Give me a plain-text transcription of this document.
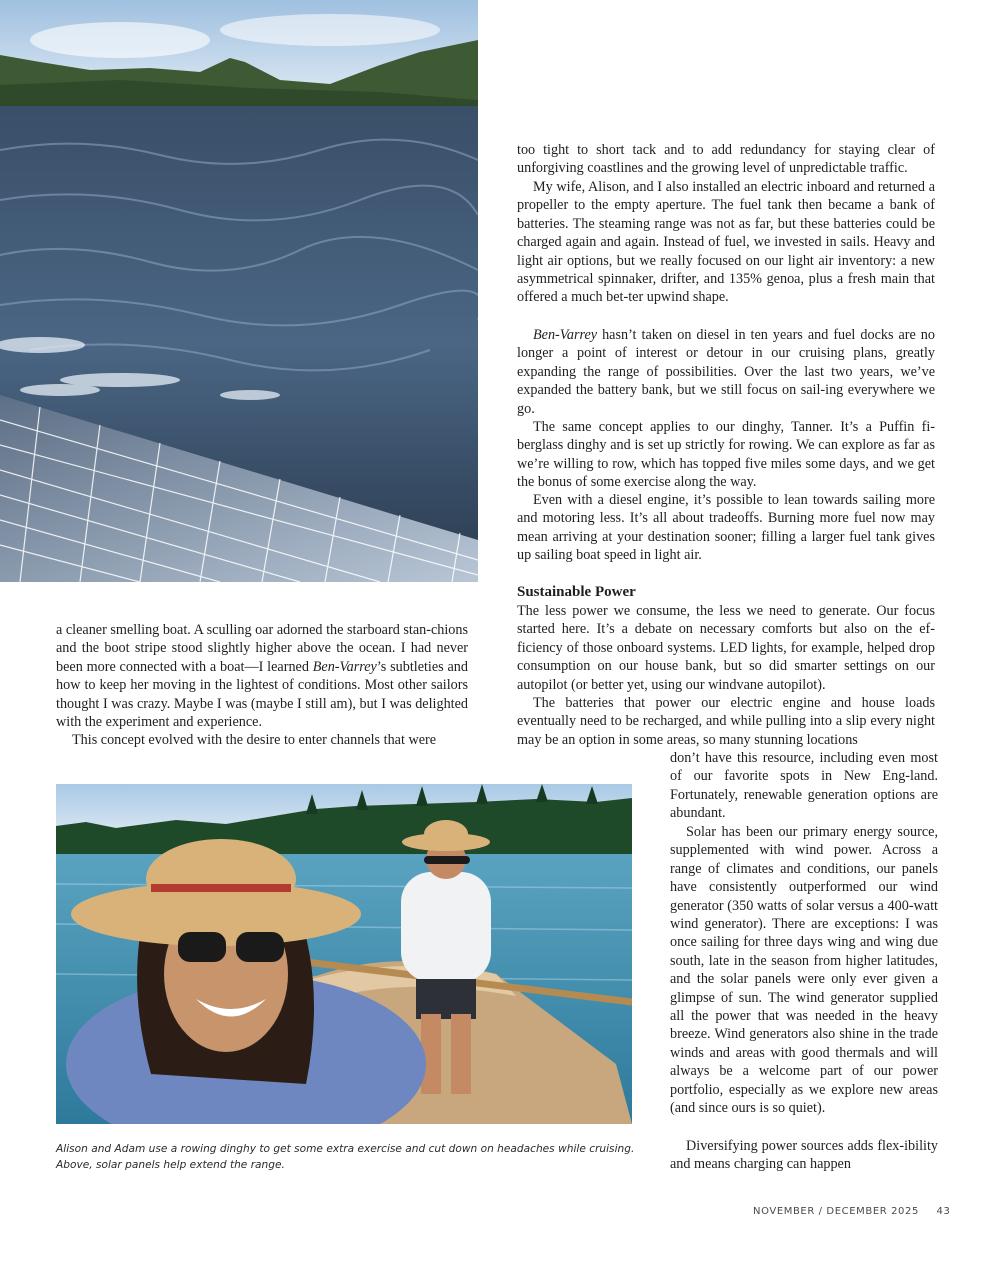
too tight to short tack and to add redundancy for staying clear of unforgiving coastlines and the growing level of unpredictable traffic.

My wife, Alison, and I also installed an electric inboard and returned a propeller to the empty aperture. The fuel tank then became a bank of batteries. The steaming range was not as far, but these batteries could be charged again and again. Instead of fuel, we invested in sails. Heavy and light air options, but we really focused on our light air inventory: a new asymmetrical spinnaker, drifter, and 135% genoa, plus a fresh main that offered a much bet-ter upwind shape.

Ben-Varrey hasn’t taken on diesel in ten years and fuel docks are no longer a point of interest or detour in our cruising plans, greatly expanding the range of possibilities. Over the last two years, we’ve expanded the battery bank, but we still focus on sail-ing everywhere we go.

The same concept applies to our dinghy, Tanner. It’s a Puffin fi-berglass dinghy and is set up strictly for rowing. We can explore as far as we’re willing to row, which has topped five miles some days, and we get the bonus of some exercise along the way.

Even with a diesel engine, it’s possible to lean towards sailing more and motoring less. It’s all about tradeoffs. Burning more fuel now may mean arriving at your destination sooner; filling a larger fuel tank gives up sailing boat speed in light air.

Sustainable Power

The less power we consume, the less we need to generate. Our focus started here. It’s a debate on necessary comforts but also on the ef-ficiency of those onboard systems. LED lights, for example, helped drop consumption on our house bank, but so did smarter settings on our autopilot (or better yet, using our windvane autopilot).

The batteries that power our electric engine and house loads eventually need to be recharged, and while pulling into a slip every night may be an option in some areas, so many stunning locations

don’t have this resource, including even most of our favorite spots in New Eng-land. Fortunately, renewable generation options are abundant.

Solar has been our primary energy source, supplemented with wind power. Across a range of climates and conditions, our panels have consistently outperformed our wind generator (350 watts of solar versus a 400-watt wind generator). There are exceptions: I was once sailing for three days wing and wing due south, late in the season from higher latitudes, and the solar panels were only ever given a glimpse of sun. The wind generator supplied all the power that was needed in the heavy breeze. Wind generators also shine in the trade winds and areas with good thermals and will always be a welcome part of our power portfolio, especially as we explore new areas (and since ours is so quiet).

Diversifying power sources adds flex-ibility and means charging can happen

a cleaner smelling boat. A sculling oar adorned the starboard stan-chions and the boot stripe stood slightly higher above the ocean. I had never been more connected with a boat—I learned Ben-Varrey’s subtleties and how to keep her moving in the lightest of conditions. Most other sailors thought I was crazy. Maybe I was (maybe I still am), but I was delighted with the experiment and experience.

This concept evolved with the desire to enter channels that were

Alison and Adam use a rowing dinghy to get some extra exercise and cut down on headaches while cruising. Above, solar panels help extend the range.

NOVEMBER / DECEMBER 2025 43
